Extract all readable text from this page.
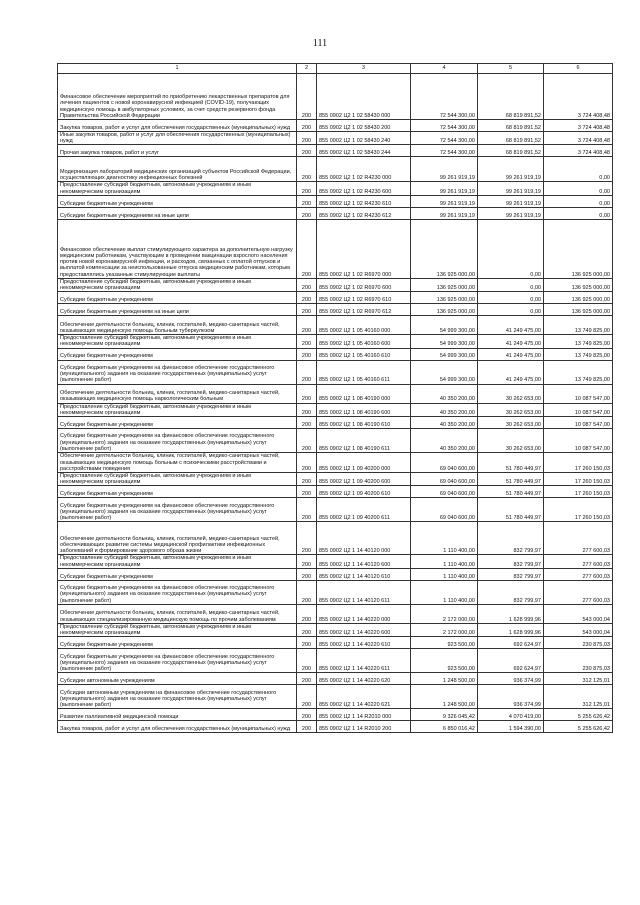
111
1	2	3	4	5	6
Финансовое обеспечение мероприятий по приобретению лекарственных препаратов для лечения пациентов с новой коронавирусной инфекцией (COVID-19), получающих медицинскую помощь в амбулаторных условиях, за счет средств резервного фонда Правительства Российской Федерации	200	855 0902 Ц2 1 02 58430 000	72 544 300,00	68 819 891,52	3 724 408,48
Закупка товаров, работ и услуг для обеспечения государственных (муниципальных) нужд	200	855 0902 Ц2 1 02 58430 200	72 544 300,00	68 819 891,52	3 724 408,48
Иные закупки товаров, работ и услуг для обеспечения государственных (муниципальных) нужд	200	855 0902 Ц2 1 02 58430 240	72 544 300,00	68 819 891,52	3 724 408,48
Прочая закупка товаров, работ и услуг	200	855 0902 Ц2 1 02 58430 244	72 544 300,00	68 819 891,52	3 724 408,48
Модернизация лабораторий медицинских организаций субъектов Российской Федерации, осуществляющих диагностику инфекционных болезней	200	855 0902 Ц2 1 02 R4230 000	99 261 919,19	99 261 919,19	0,00
Предоставление субсидий бюджетным, автономным учреждениям и иным некоммерческим организациям	200	855 0902 Ц2 1 02 R4230 600	99 261 919,19	99 261 919,19	0,00
Субсидии бюджетным учреждениям	200	855 0902 Ц2 1 02 R4230 610	99 261 919,19	99 261 919,19	0,00
Субсидии бюджетным учреждениям на иные цели	200	855 0902 Ц2 1 02 R4230 612	99 261 919,19	99 261 919,19	0,00
Финансовое обеспечение выплат стимулирующего характера за дополнительную нагрузку медицинским работникам, участвующим в проведении вакцинации взрослого населения против новой коронавирусной инфекции, и расходов, связанных с оплатой отпусков и выплатой компенсации за неиспользованные отпуска медицинским работникам, которым предоставлялись указанные стимулирующие выплаты	200	855 0902 Ц2 1 02 R6970 000	136 925 000,00	0,00	136 925 000,00
Предоставление субсидий бюджетным, автономным учреждениям и иным некоммерческим организациям	200	855 0902 Ц2 1 02 R6970 600	136 925 000,00	0,00	136 925 000,00
Субсидии бюджетным учреждениям	200	855 0902 Ц2 1 02 R6970 610	136 925 000,00	0,00	136 925 000,00
Субсидии бюджетным учреждениям на иные цели	200	855 0902 Ц2 1 02 R6970 612	136 925 000,00	0,00	136 925 000,00
Обеспечение деятельности больниц, клиник, госпиталей, медико-санитарных частей, оказывающих медицинскую помощь больным туберкулезом	200	855 0902 Ц2 1 05 40160 000	54 999 300,00	41 249 475,00	13 749 825,00
Предоставление субсидий бюджетным, автономным учреждениям и иным некоммерческим организациям	200	855 0902 Ц2 1 05 40160 600	54 999 300,00	41 249 475,00	13 749 825,00
Субсидии бюджетным учреждениям	200	855 0902 Ц2 1 05 40160 610	54 999 300,00	41 249 475,00	13 749 825,00
Субсидии бюджетным учреждениям на финансовое обеспечение государственного (муниципального) задания на оказание государственных (муниципальных) услуг (выполнение работ)	200	855 0902 Ц2 1 05 40160 611	54 999 300,00	41 249 475,00	13 749 825,00
Обеспечение деятельности больниц, клиник, госпиталей, медико-санитарных частей, оказывающих медицинскую помощь наркологическим больным	200	855 0902 Ц2 1 08 40190 000	40 350 200,00	30 262 653,00	10 087 547,00
Предоставление субсидий бюджетным, автономным учреждениям и иным некоммерческим организациям	200	855 0902 Ц2 1 08 40190 600	40 350 200,00	30 262 653,00	10 087 547,00
Субсидии бюджетным учреждениям	200	855 0902 Ц2 1 08 40190 610	40 350 200,00	30 262 653,00	10 087 547,00
Субсидии бюджетным учреждениям на финансовое обеспечение государственного (муниципального) задания на оказание государственных (муниципальных) услуг (выполнение работ)	200	855 0902 Ц2 1 08 40190 611	40 350 200,00	30 262 653,00	10 087 547,00
Обеспечение деятельности больниц, клиник, госпиталей, медико-санитарных частей, оказывающих медицинскую помощь больным с психическими расстройствами и расстройствами поведения	200	855 0902 Ц2 1 09 40200 000	69 040 600,00	51 780 449,97	17 260 150,03
Предоставление субсидий бюджетным, автономным учреждениям и иным некоммерческим организациям	200	855 0902 Ц2 1 09 40200 600	69 040 600,00	51 780 449,97	17 260 150,03
Субсидии бюджетным учреждениям	200	855 0902 Ц2 1 09 40200 610	69 040 600,00	51 780 449,97	17 260 150,03
Субсидии бюджетным учреждениям на финансовое обеспечение государственного (муниципального) задания на оказание государственных (муниципальных) услуг (выполнение работ)	200	855 0902 Ц2 1 09 40200 611	69 040 600,00	51 780 449,97	17 260 150,03
Обеспечение деятельности больниц, клиник, госпиталей, медико-санитарных частей, обеспечивающих развитие системы медицинской профилактики инфекционных заболеваний и формирование здорового образа жизни	200	855 0902 Ц2 1 14 40120 000	1 110 400,00	832 799,97	277 600,03
Предоставление субсидий бюджетным, автономным учреждениям и иным некоммерческим организациям	200	855 0902 Ц2 1 14 40120 600	1 110 400,00	832 799,97	277 600,03
Субсидии бюджетным учреждениям	200	855 0902 Ц2 1 14 40120 610	1 110 400,00	832 799,97	277 600,03
Субсидии бюджетным учреждениям на финансовое обеспечение государственного (муниципального) задания на оказание государственных (муниципальных) услуг (выполнение работ)	200	855 0902 Ц2 1 14 40120 611	1 110 400,00	832 799,97	277 600,03
Обеспечение деятельности больниц, клиник, госпиталей, медико-санитарных частей, оказывающих специализированную медицинскую помощь по прочим заболеваниям	200	855 0902 Ц2 1 14 40220 000	2 172 000,00	1 628 999,96	543 000,04
Предоставление субсидий бюджетным, автономным учреждениям и иным некоммерческим организациям	200	855 0902 Ц2 1 14 40220 600	2 172 000,00	1 628 999,96	543 000,04
Субсидии бюджетным учреждениям	200	855 0902 Ц2 1 14 40220 610	923 500,00	692 624,97	230 875,03
Субсидии бюджетным учреждениям на финансовое обеспечение государственного (муниципального) задания на оказание государственных (муниципальных) услуг (выполнение работ)	200	855 0902 Ц2 1 14 40220 611	923 500,00	692 624,97	230 875,03
Субсидии автономным учреждениям	200	855 0902 Ц2 1 14 40220 620	1 248 500,00	936 374,99	312 125,01
Субсидии автономным учреждениям на финансовое обеспечение государственного (муниципального) задания на оказание государственных (муниципальных) услуг (выполнение работ)	200	855 0902 Ц2 1 14 40220 621	1 248 500,00	936 374,99	312 125,01
Развитие паллиативной медицинской помощи	200	855 0902 Ц2 1 14 R2010 000	9 326 045,42	4 070 419,00	5 255 626,42
Закупка товаров, работ и услуг для обеспечения государственных (муниципальных) нужд	200	855 0902 Ц2 1 14 R2010 200	6 850 016,42	1 594 390,00	5 255 626,42
